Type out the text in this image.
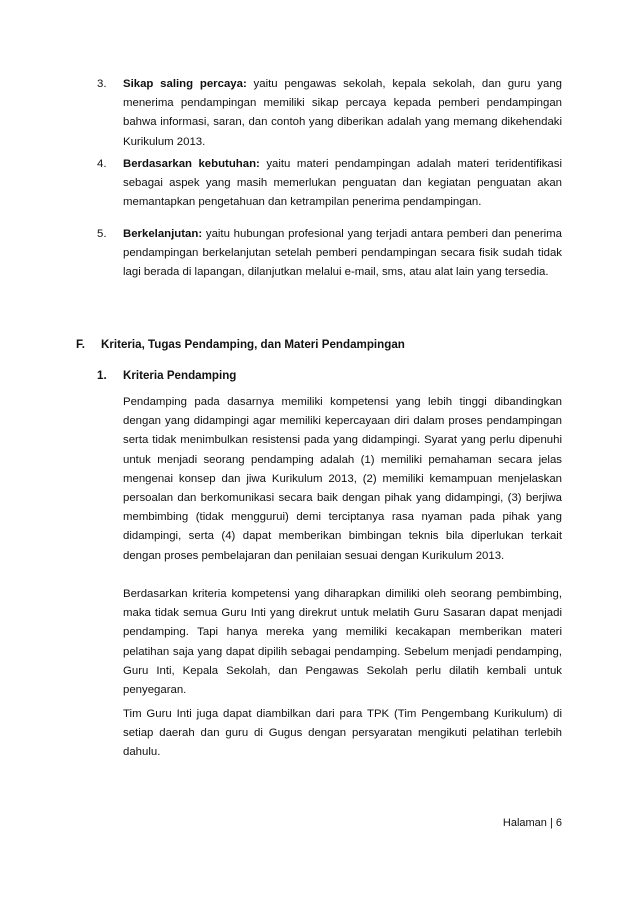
3. Sikap saling percaya: yaitu pengawas sekolah, kepala sekolah, dan guru yang menerima pendampingan memiliki sikap percaya kepada pemberi pendampingan bahwa informasi, saran, dan contoh yang diberikan adalah yang memang dikehendaki Kurikulum 2013.
4. Berdasarkan kebutuhan: yaitu materi pendampingan adalah materi teridentifikasi sebagai aspek yang masih memerlukan penguatan dan kegiatan penguatan akan memantapkan pengetahuan dan ketrampilan penerima pendampingan.
5. Berkelanjutan: yaitu hubungan profesional yang terjadi antara pemberi dan penerima pendampingan berkelanjutan setelah pemberi pendampingan secara fisik sudah tidak lagi berada di lapangan, dilanjutkan melalui e-mail, sms, atau alat lain yang tersedia.
F. Kriteria, Tugas Pendamping, dan Materi Pendampingan
1. Kriteria Pendamping

Pendamping pada dasarnya memiliki kompetensi yang lebih tinggi dibandingkan dengan yang didampingi agar memiliki kepercayaan diri dalam proses pendampingan serta tidak menimbulkan resistensi pada yang didampingi. Syarat yang perlu dipenuhi untuk menjadi seorang pendamping adalah (1) memiliki pemahaman secara jelas mengenai konsep dan jiwa Kurikulum 2013, (2) memiliki kemampuan menjelaskan persoalan dan berkomunikasi secara baik dengan pihak yang didampingi, (3) berjiwa membimbing (tidak menggurui) demi terciptanya rasa nyaman pada pihak yang didampingi, serta (4) dapat memberikan bimbingan teknis bila diperlukan terkait dengan proses pembelajaran dan penilaian sesuai dengan Kurikulum 2013.

Berdasarkan kriteria kompetensi yang diharapkan dimiliki oleh seorang pembimbing, maka tidak semua Guru Inti yang direkrut untuk melatih Guru Sasaran dapat menjadi pendamping. Tapi hanya mereka yang memiliki kecakapan memberikan materi pelatihan saja yang dapat dipilih sebagai pendamping. Sebelum menjadi pendamping, Guru Inti, Kepala Sekolah, dan Pengawas Sekolah perlu dilatih kembali untuk penyegaran.

Tim Guru Inti juga dapat diambilkan dari para TPK (Tim Pengembang Kurikulum) di setiap daerah dan guru di Gugus dengan persyaratan mengikuti pelatihan terlebih dahulu.

Halaman | 6
